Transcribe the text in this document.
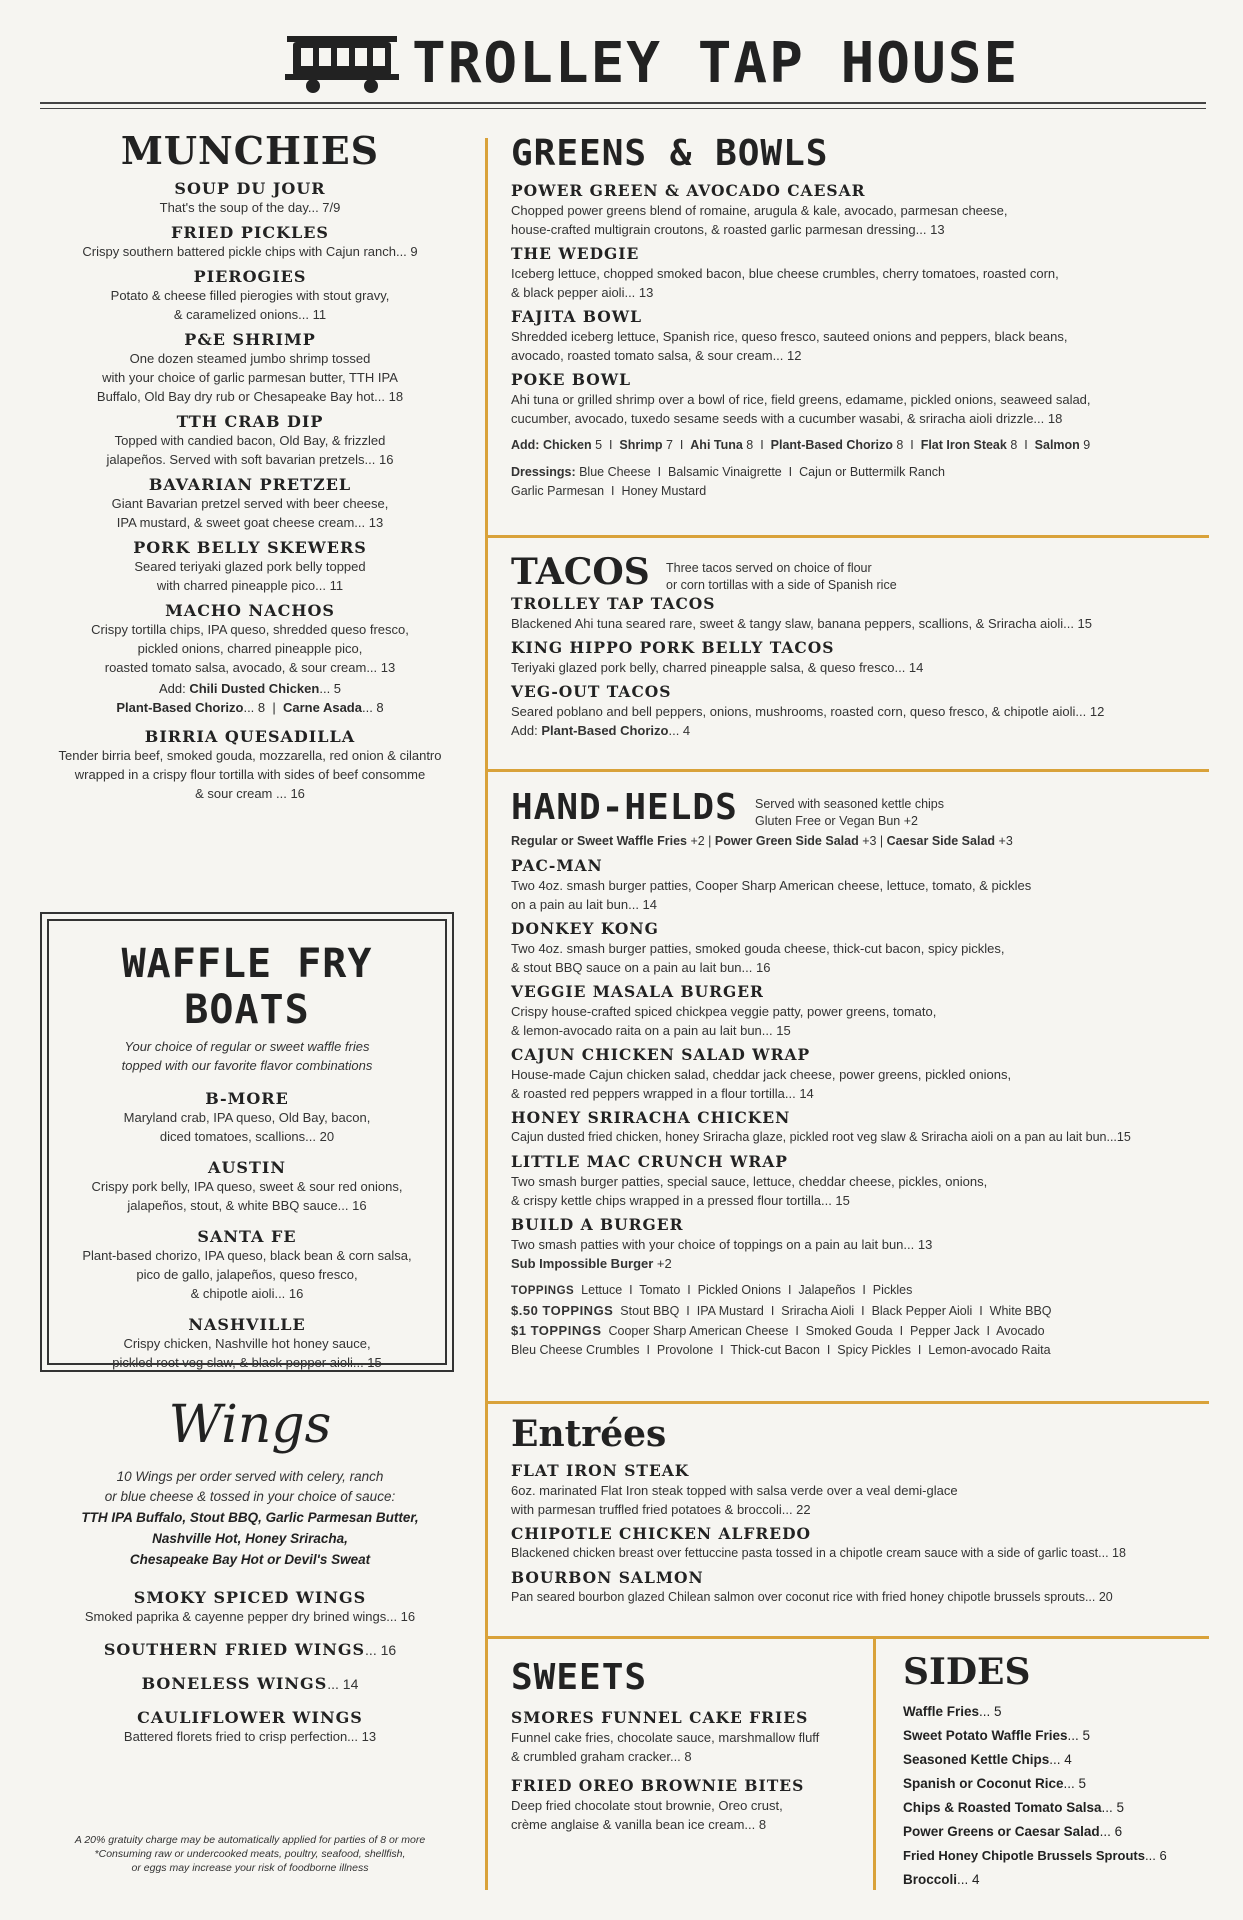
TROLLEY TAP HOUSE
MUNCHIES
SOUP DU JOUR
That's the soup of the day... 7/9
FRIED PICKLES
Crispy southern battered pickle chips with Cajun ranch... 9
PIEROGIES
Potato & cheese filled pierogies with stout gravy,
& caramelized onions... 11
P&E SHRIMP
One dozen steamed jumbo shrimp tossed
with your choice of garlic parmesan butter, TTH IPA
Buffalo, Old Bay dry rub or Chesapeake Bay hot... 18
TTH CRAB DIP
Topped with candied bacon, Old Bay, & frizzled
jalapeños. Served with soft bavarian pretzels... 16
BAVARIAN PRETZEL
Giant Bavarian pretzel served with beer cheese,
IPA mustard, & sweet goat cheese cream... 13
PORK BELLY SKEWERS
Seared teriyaki glazed pork belly topped
with charred pineapple pico... 11
MACHO NACHOS
Crispy tortilla chips, IPA queso, shredded queso fresco,
pickled onions, charred pineapple pico,
roasted tomato salsa, avocado, & sour cream... 13
Add: Chili Dusted Chicken... 5
Plant-Based Chorizo... 8  |  Carne Asada... 8
BIRRIA QUESADILLA
Tender birria beef, smoked gouda, mozzarella, red onion & cilantro
wrapped in a crispy flour tortilla with sides of beef consomme
& sour cream ... 16
WAFFLE FRY BOATS
Your choice of regular or sweet waffle fries
topped with our favorite flavor combinations
B-MORE
Maryland crab, IPA queso, Old Bay, bacon,
diced tomatoes, scallions... 20
AUSTIN
Crispy pork belly, IPA queso, sweet & sour red onions,
jalapeños, stout, & white BBQ sauce... 16
SANTA FE
Plant-based chorizo, IPA queso, black bean & corn salsa,
pico de gallo, jalapeños, queso fresco,
& chipotle aioli... 16
NASHVILLE
Crispy chicken, Nashville hot honey sauce,
pickled root veg slaw, & black pepper aioli... 15
Wings
10 Wings per order served with celery, ranch
or blue cheese & tossed in your choice of sauce:
TTH IPA Buffalo, Stout BBQ, Garlic Parmesan Butter,
Nashville Hot, Honey Sriracha,
Chesapeake Bay Hot or Devil's Sweat
SMOKY SPICED WINGS
Smoked paprika & cayenne pepper dry brined wings... 16
SOUTHERN FRIED WINGS... 16
BONELESS WINGS... 14
CAULIFLOWER WINGS
Battered florets fried to crisp perfection... 13
A 20% gratuity charge may be automatically applied for parties of 8 or more
*Consuming raw or undercooked meats, poultry, seafood, shellfish,
or eggs may increase your risk of foodborne illness
GREENS & BOWLS
POWER GREEN & AVOCADO CAESAR
Chopped power greens blend of romaine, arugula & kale, avocado, parmesan cheese,
house-crafted multigrain croutons, & roasted garlic parmesan dressing... 13
THE WEDGIE
Iceberg lettuce, chopped smoked bacon, blue cheese crumbles, cherry tomatoes, roasted corn,
& black pepper aioli... 13
FAJITA BOWL
Shredded iceberg lettuce, Spanish rice, queso fresco, sauteed onions and peppers, black beans,
avocado, roasted tomato salsa, & sour cream... 12
POKE BOWL
Ahi tuna or grilled shrimp over a bowl of rice, field greens, edamame, pickled onions, seaweed salad,
cucumber, avocado, tuxedo sesame seeds with a cucumber wasabi, & sriracha aioli drizzle... 18
Add: Chicken 5  I  Shrimp 7  I  Ahi Tuna 8  I  Plant-Based Chorizo 8  I  Flat Iron Steak 8  I  Salmon 9
Dressings: Blue Cheese  I  Balsamic Vinaigrette  I  Cajun or Buttermilk Ranch
Garlic Parmesan  I  Honey Mustard
TACOS
TROLLEY TAP TACOS
Blackened Ahi tuna seared rare, sweet & tangy slaw, banana peppers, scallions, & Sriracha aioli... 15
KING HIPPO PORK BELLY TACOS
Teriyaki glazed pork belly, charred pineapple salsa, & queso fresco... 14
VEG-OUT TACOS
Seared poblano and bell peppers, onions, mushrooms, roasted corn, queso fresco, & chipotle aioli... 12
Add: Plant-Based Chorizo... 4
Three tacos served on choice of flour
or corn tortillas with a side of Spanish rice
HAND-HELDS
Regular or Sweet Waffle Fries +2 | Power Green Side Salad +3 | Caesar Side Salad +3
PAC-MAN
Two 4oz. smash burger patties, Cooper Sharp American cheese, lettuce, tomato, & pickles
on a pain au lait bun... 14
DONKEY KONG
Two 4oz. smash burger patties, smoked gouda cheese, thick-cut bacon, spicy pickles,
& stout BBQ sauce on a pain au lait bun... 16
VEGGIE MASALA BURGER
Crispy house-crafted spiced chickpea veggie patty, power greens, tomato,
& lemon-avocado raita on a pain au lait bun... 15
CAJUN CHICKEN SALAD WRAP
House-made Cajun chicken salad, cheddar jack cheese, power greens, pickled onions,
& roasted red peppers wrapped in a flour tortilla... 14
HONEY SRIRACHA CHICKEN
Cajun dusted fried chicken, honey Sriracha glaze, pickled root veg slaw & Sriracha aioli on a pan au lait bun...15
LITTLE MAC CRUNCH WRAP
Two smash burger patties, special sauce, lettuce, cheddar cheese, pickles, onions,
& crispy kettle chips wrapped in a pressed flour tortilla... 15
BUILD A BURGER
Two smash patties with your choice of toppings on a pain au lait bun... 13
Sub Impossible Burger +2
TOPPINGS  Lettuce  I  Tomato  I  Pickled Onions  I  Jalapeños  I  Pickles
$.50 TOPPINGS  Stout BBQ  I  IPA Mustard  I  Sriracha Aioli  I  Black Pepper Aioli  I  White BBQ
$1 TOPPINGS  Cooper Sharp American Cheese  I  Smoked Gouda  I  Pepper Jack  I  Avocado
Bleu Cheese Crumbles  I  Provolone  I  Thick-cut Bacon  I  Spicy Pickles  I  Lemon-avocado Raita
Served with seasoned kettle chips
Gluten Free or Vegan Bun +2
Entrées
FLAT IRON STEAK
6oz. marinated Flat Iron steak topped with salsa verde over a veal demi-glace
with parmesan truffled fried potatoes & broccoli... 22
CHIPOTLE CHICKEN ALFREDO
Blackened chicken breast over fettuccine pasta tossed in a chipotle cream sauce with a side of garlic toast... 18
BOURBON SALMON
Pan seared bourbon glazed Chilean salmon over coconut rice with fried honey chipotle brussels sprouts... 20
SWEETS
SMORES FUNNEL CAKE FRIES
Funnel cake fries, chocolate sauce, marshmallow fluff
& crumbled graham cracker... 8
FRIED OREO BROWNIE BITES
Deep fried chocolate stout brownie, Oreo crust,
crème anglaise & vanilla bean ice cream... 8
SIDES
Waffle Fries... 5
Sweet Potato Waffle Fries... 5
Seasoned Kettle Chips... 4
Spanish or Coconut Rice... 5
Chips & Roasted Tomato Salsa... 5
Power Greens or Caesar Salad... 6
Fried Honey Chipotle Brussels Sprouts... 6
Broccoli... 4
